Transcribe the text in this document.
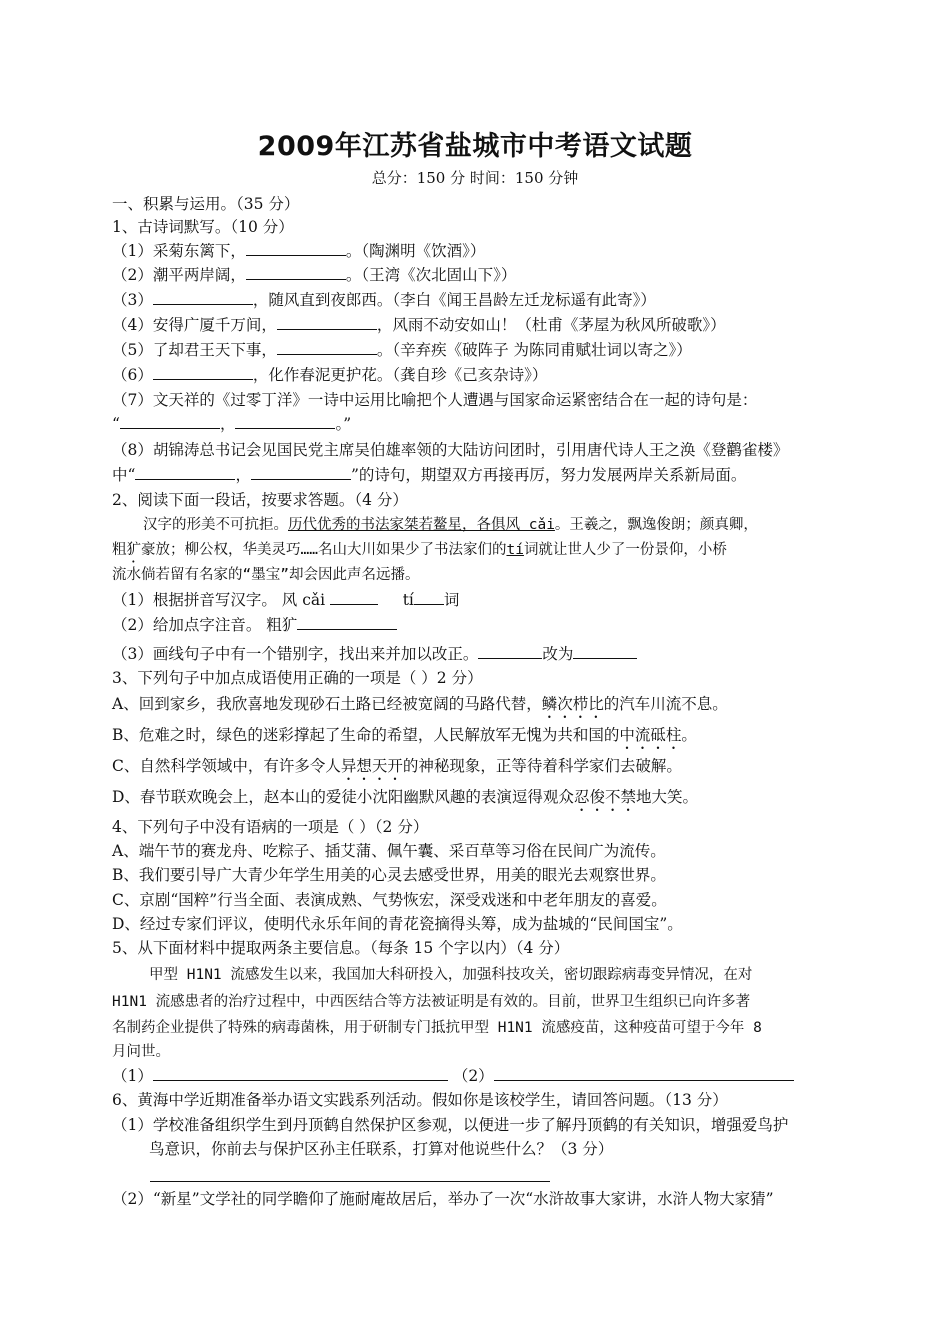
2009年江苏省盐城市中考语文试题
总分：150 分 时间：150 分钟
一、积累与运用。（35 分）
1、古诗词默写。（10 分）
（1）采菊东篱下，	。（陶渊明《饮酒》）
（2）潮平两岸阔，	。（王湾《次北固山下》）
（3）	，随风直到夜郎西。（李白《闻王昌龄左迁龙标遥有此寄》）
（4）安得广厦千万间，	，风雨不动安如山！（杜甫《茅屋为秋风所破歌》）
（5）了却君王天下事，	。（辛弃疾《破阵子 为陈同甫赋壮词以寄之》）
（6）	，化作春泥更护花。（龚自珍《己亥杂诗》）
（7）文天祥的《过零丁洋》一诗中运用比喻把个人遭遇与国家命运紧密结合在一起的诗句是：
“	，	。”
（8）胡锦涛总书记会见国民党主席吴伯雄率领的大陆访问团时，引用唐代诗人王之涣《登鹳雀楼》
中“	，	”的诗句，期望双方再接再厉，努力发展两岸关系新局面。
2、阅读下面一段话，按要求答题。（4 分）
汉字的形美不可抗拒。历代优秀的书法家桀若鳌星，各俱风 cǎi。王羲之，飘逸俊朗；颜真卿，
粗犷豪放；柳公权，华美灵巧……名山大川如果少了书法家们的tí词就让世人少了一份景仰，小桥
流水倘若留有名家的“墨宝”却会因此声名远播。
（1）根据拼音写汉字。 风 cǎi	tí 词
（2）给加点字注音。 粗犷
（3）画线句子中有一个错别字，找出来并加以改正。	改为
3、下列句子中加点成语使用正确的一项是（ ）2 分）
A、回到家乡，我欣喜地发现砂石土路已经被宽阔的马路代替，鳞次栉比的汽车川流不息。
B、危难之时，绿色的迷彩撑起了生命的希望，人民解放军无愧为共和国的中流砥柱。
C、自然科学领域中，有许多令人异想天开的神秘现象，正等待着科学家们去破解。
D、春节联欢晚会上，赵本山的爱徒小沈阳幽默风趣的表演逗得观众忍俊不禁地大笑。
4、下列句子中没有语病的一项是（ ）（2 分）
A、端午节的赛龙舟、吃粽子、插艾蒲、佩午囊、采百草等习俗在民间广为流传。
B、我们要引导广大青少年学生用美的心灵去感受世界，用美的眼光去观察世界。
C、京剧“国粹”行当全面、表演成熟、气势恢宏，深受戏迷和中老年朋友的喜爱。
D、经过专家们评议，使明代永乐年间的青花瓷摘得头筹，成为盐城的“民间国宝”。
5、从下面材料中提取两条主要信息。（每条 15 个字以内）（4 分）
甲型 H1N1 流感发生以来，我国加大科研投入，加强科技攻关，密切跟踪病毒变异情况，在对
H1N1 流感患者的治疗过程中，中西医结合等方法被证明是有效的。目前，世界卫生组织已向许多著
名制药企业提供了特殊的病毒菌株，用于研制专门抵抗甲型 H1N1 流感疫苗，这种疫苗可望于今年 8
月问世。
（1）	（2）
6、黄海中学近期准备举办语文实践系列活动。假如你是该校学生，请回答问题。（13 分）
（1）学校准备组织学生到丹顶鹤自然保护区参观，以便进一步了解丹顶鹤的有关知识，增强爱鸟护
鸟意识，你前去与保护区孙主任联系，打算对他说些什么？（3 分）
（2）“新星”文学社的同学瞻仰了施耐庵故居后，举办了一次“水浒故事大家讲，水浒人物大家猜”
